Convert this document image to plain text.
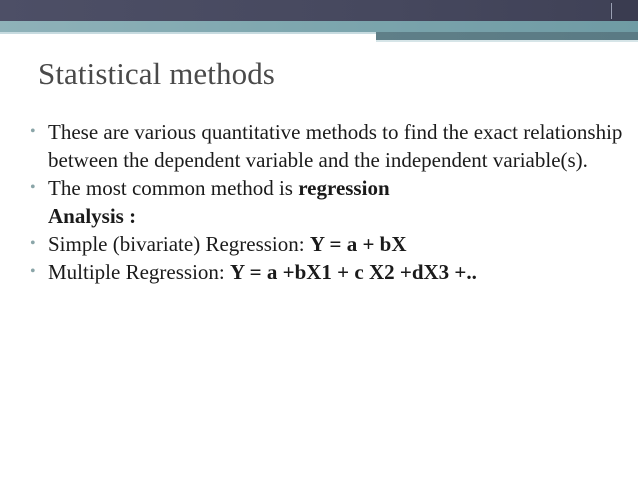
Statistical methods

• These are various quantitative methods to find the exact relationship between the dependent variable and the independent variable(s).

• The most common method is regression

Analysis :

• Simple (bivariate) Regression: Y = a + bX

• Multiple Regression: Y = a +bX1 + c X2 +dX3 +..
